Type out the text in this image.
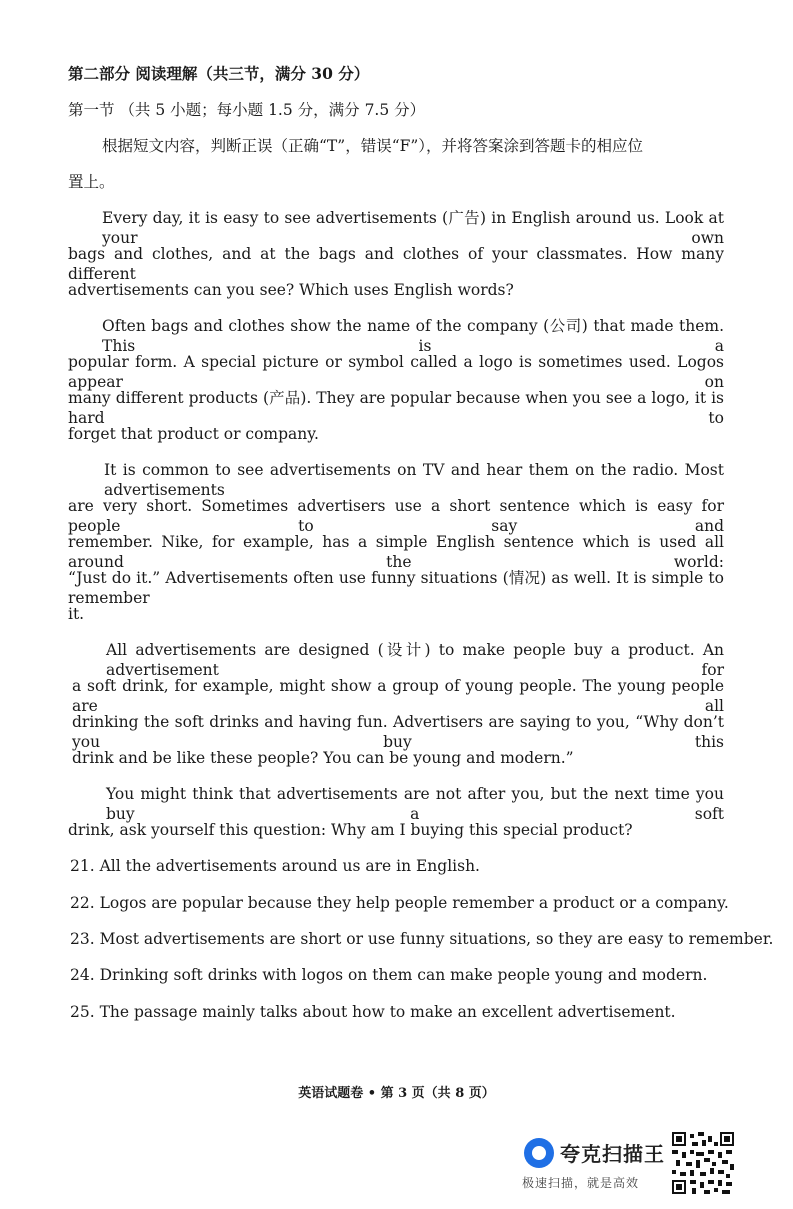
第二部分 阅读理解（共三节，满分 30 分）
第一节 （共 5 小题；每小题 1.5 分，满分 7.5 分）
根据短文内容，判断正误（正确“T”，错误“F”），并将答案涂到答题卡的相应位
置上。
Every day, it is easy to see advertisements (广告) in English around us. Look at your own
bags and clothes, and at the bags and clothes of your classmates. How many different
advertisements can you see? Which uses English words?
Often bags and clothes show the name of the company (公司) that made them. This is a
popular form. A special picture or symbol called a logo is sometimes used. Logos appear on
many different products (产品). They are popular because when you see a logo, it is hard to
forget that product or company.
It is common to see advertisements on TV and hear them on the radio. Most advertisements
are very short. Sometimes advertisers use a short sentence which is easy for people to say and
remember. Nike, for example, has a simple English sentence which is used all around the world:
“Just do it.” Advertisements often use funny situations (情况) as well. It is simple to remember
it.
All advertisements are designed (设计) to make people buy a product. An advertisement for
a soft drink, for example, might show a group of young people. The young people are all
drinking the soft drinks and having fun. Advertisers are saying to you, “Why don’t you buy this
drink and be like these people? You can be young and modern.”
You might think that advertisements are not after you, but the next time you buy a soft
drink, ask yourself this question: Why am I buying this special product?
21. All the advertisements around us are in English.
22. Logos are popular because they help people remember a product or a company.
23. Most advertisements are short or use funny situations, so they are easy to remember.
24. Drinking soft drinks with logos on them can make people young and modern.
25. The passage mainly talks about how to make an excellent advertisement.
英语试题卷 • 第 3 页（共 8 页）
夸克扫描王
极速扫描，就是高效
